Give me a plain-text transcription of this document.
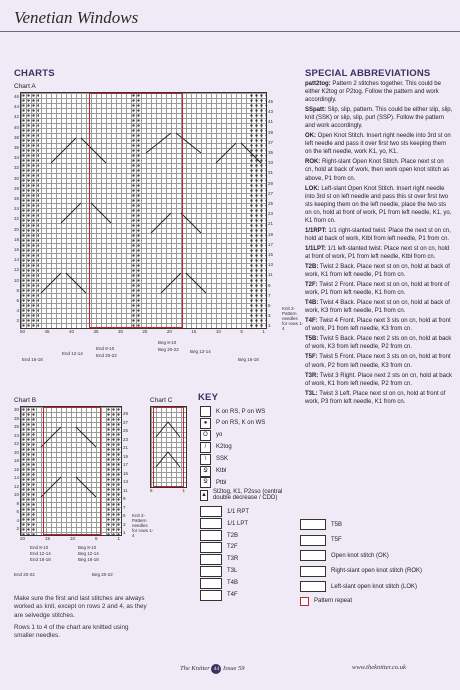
Venetian Windows
CHARTS
Chart A
46
44
42
40
38
36
34
32
30
28
26
24
22
20
18
16
14
12
10
8
6
4
2
45
43
41
39
37
35
33
31
29
27
25
23
21
19
17
15
13
11
9
7
5
3
1
50	45	40	35	30	25	20	15	10	5	1
Knit 2-Pattern needles for rows 1-4
End 8-10
Beg 8-10
End 20-22
Beg 20-22
End 16-18
End 12-14	Beg 12-14
Beg 16-18
Chart B
30
28
26
24
22
20
18
16
14
12
10
8
6
4
2
29
27
25
23
21
19
17
15
13
11
9
7
5
3
1
20	15	10	5	1
Knit 2-Pattern needles for rows 1-4
End 8-10
End 12-14
End 16-18
End 20-22
Beg 8-10
Beg 12-14
Beg 16-18
Beg 20-22
Chart C
5	1
KEY
K on RS, P on WS
●	P on RS, K on WS
O	yo
/	K2tog
\	SSK
Ջ	Ktbl
Ջ	Ptbl
▲ Sl2tog, K1, P2sso (central double decrease / CDD)
1/1 RPT
1/1 LPT
T2B
T2F
T3R
T3L
T4B
T4F
T5B
T5F
Open knot stitch (OK)
Right-slant open knot stitch (ROK)
Left-slant open knot stitch (LOK)
Pattern repeat
Make sure the first and last stitches are always worked as knit, except on rows 2 and 4, as they are selvedge stitches.
Rows 1 to 4 of the chart are knitted using smaller needles.
SPECIAL ABBREVIATIONS

patt2tog: Pattern 2 stitches together. This could be either K2tog or P2tog. Follow the pattern and work accordingly.

SSpatt: Slip, slip, pattern. This could be either slip, slip, knit (SSK) or slip, slip, purl (SSP). Follow the pattern and work accordingly.

OK: Open Knot Stitch. Insert right needle into 3rd st on left needle and pass it over first two sts keeping them on the left needle, work K1, yo, K1.

ROK: Right-slant Open Knot Stitch. Place next st on cn, hold at back of work, then work open knot stitch as above, P1 from cn.

LOK: Left-slant Open Knot Stitch. Insert right needle into 3rd st on left needle and pass this st over first two sts keeping them on the left needle, place the two sts on cn, hold at front of work, P1 from left needle, K1, yo, K1 from cn.

1/1RPT: 1/1 right-slanted twist. Place the next st on cn, hold at back of work, Ktbl from left needle, P1 from cn.

1/1LPT: 1/1 left-slanted twist. Place next st on cn, hold at front of work, P1 from left needle, Ktbl from cn.

T2B: Twist 2 Back. Place next st on cn, hold at back of work, K1 from left needle, P1 from cn.

T2F: Twist 2 Front. Place next st on cn, hold at front of work, P1 from left needle, K1 from cn.

T4B: Twist 4 Back. Place next st on cn, hold at back of work, K3 from left needle, P1 from cn.

T4F: Twist 4 Front. Place next 3 sts on cn, hold at front of work, P1 from left needle, K3 from cn.

T5B: Twist 5 Back. Place next 2 sts on cn, hold at back of work, K3 from left needle, P2 from cn.

T5F: Twist 5 Front. Place next 3 sts on cn, hold at front of work, P2 from left needle, K3 from cn.

T3R: Twist 3 Right. Place next 2 sts on cn, hold at back of work, K1 from left needle, P2 from cn.

T3L: Twist 3 Left. Place next st on cn, hold at front of work, P3 from left needle, K1 from cn.

The Knitter 44 Issue 59	www.theknitter.co.uk
